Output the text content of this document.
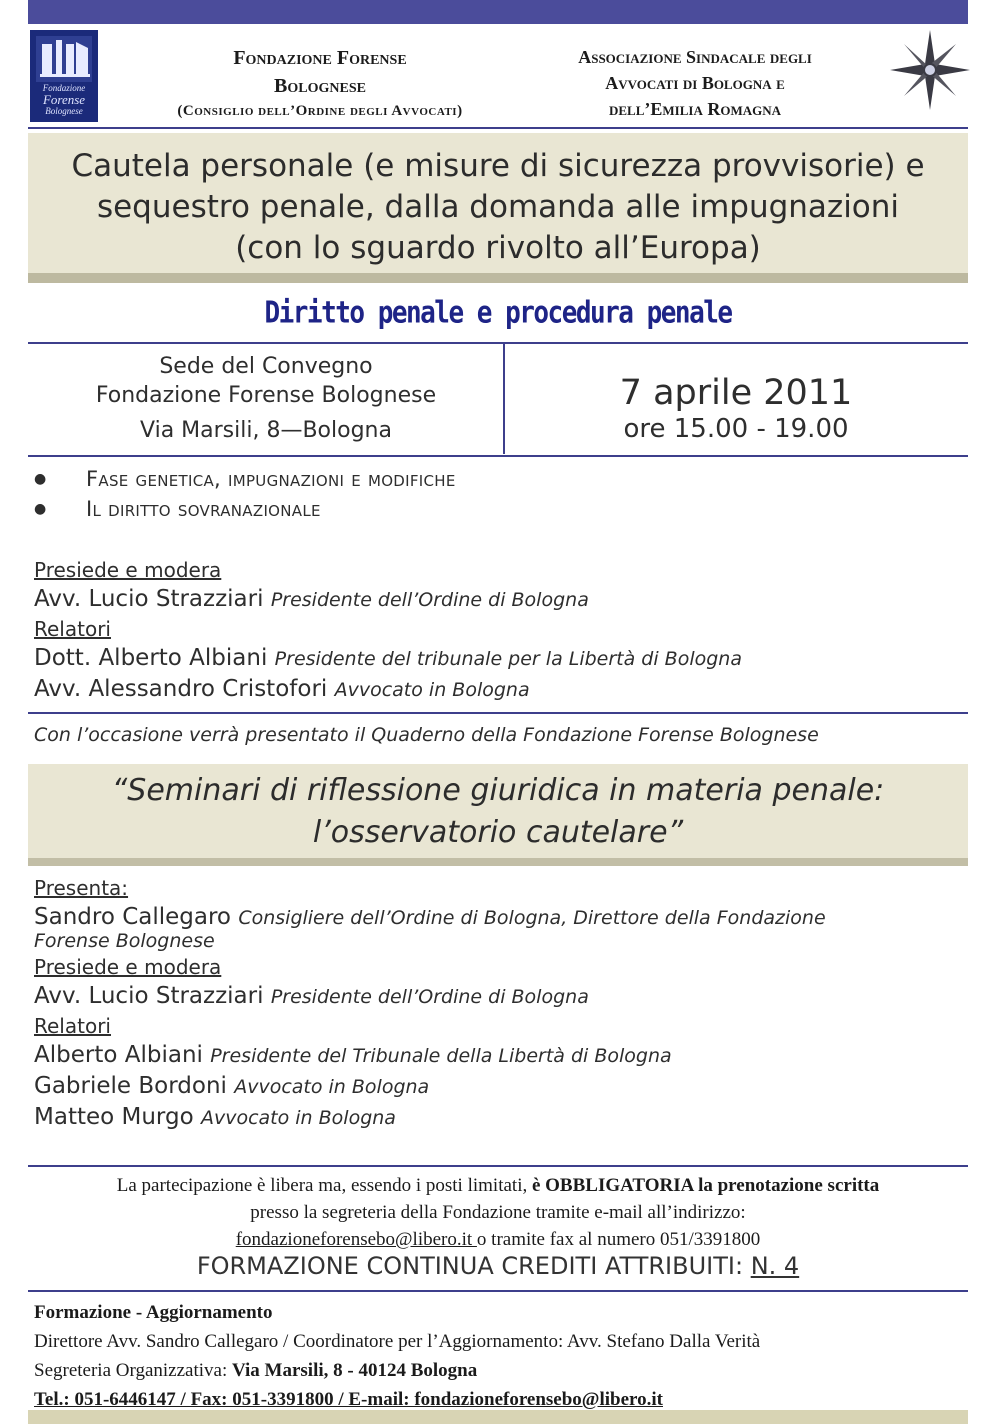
Fondazione
Forense
Bolognese
Fondazione Forense
Bolognese
(Consiglio dell’Ordine degli Avvocati)
Associazione Sindacale degli
Avvocati di Bologna e
dell’Emilia Romagna
Cautela personale (e misure di sicurezza provvisorie) e
sequestro penale, dalla domanda alle impugnazioni
(con lo sguardo rivolto all’Europa)
Diritto penale e procedura penale
Sede del Convegno
Fondazione Forense Bolognese
Via Marsili, 8—Bologna
7 aprile 2011
ore 15.00 - 19.00
●	Fase genetica, impugnazioni e modifiche
●	Il diritto sovranazionale
Presiede e modera
Avv. Lucio Strazziari Presidente dell’Ordine di Bologna
Relatori
Dott. Alberto Albiani Presidente del tribunale per la Libertà di Bologna
Avv. Alessandro Cristofori Avvocato in Bologna
Con l’occasione verrà presentato il Quaderno della Fondazione Forense Bolognese
“Seminari di riflessione giuridica in materia penale:
l’osservatorio cautelare”
Presenta:
Sandro Callegaro Consigliere dell’Ordine di Bologna, Direttore della Fondazione
Forense Bolognese
Presiede e modera
Avv. Lucio Strazziari Presidente dell’Ordine di Bologna
Relatori
Alberto Albiani Presidente del Tribunale della Libertà di Bologna
Gabriele Bordoni Avvocato in Bologna
Matteo Murgo Avvocato in Bologna
La partecipazione è libera ma, essendo i posti limitati, è OBBLIGATORIA la prenotazione scritta
presso la segreteria della Fondazione tramite e-mail all’indirizzo:
fondazioneforensebo@libero.it o tramite fax al numero 051/3391800
FORMAZIONE CONTINUA CREDITI ATTRIBUITI: N. 4
Formazione - Aggiornamento
Direttore Avv. Sandro Callegaro / Coordinatore per l’Aggiornamento: Avv. Stefano Dalla Verità
Segreteria Organizzativa: Via Marsili, 8 - 40124 Bologna
Tel.: 051-6446147 / Fax: 051-3391800 / E-mail: fondazioneforensebo@libero.it
